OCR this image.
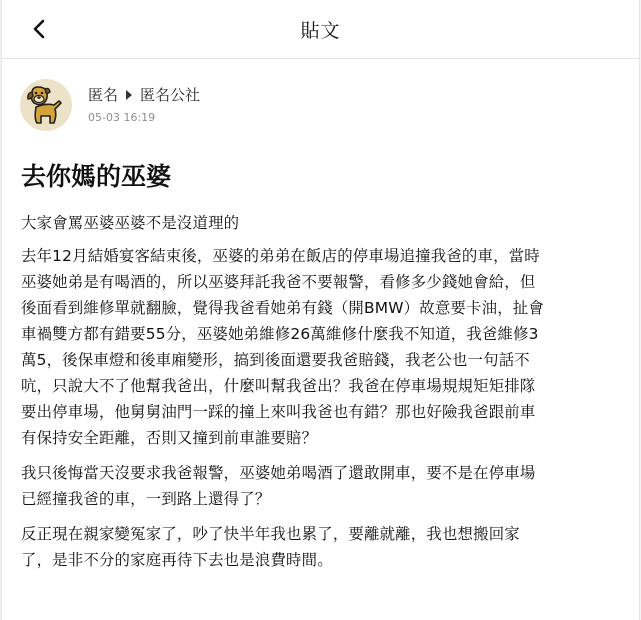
貼文
匿名 匿名公社
05-03 16:19
去你媽的巫婆

大家會罵巫婆巫婆不是沒道理的

去年12月結婚宴客結束後，巫婆的弟弟在飯店的停車場追撞我爸的車，當時
巫婆她弟是有喝酒的，所以巫婆拜託我爸不要報警，看修多少錢她會給，但
後面看到維修單就翻臉，覺得我爸看她弟有錢（開BMW）故意要卡油，扯會
車禍雙方都有錯要55分，巫婆她弟維修26萬維修什麼我不知道，我爸維修3
萬5，後保車燈和後車廂變形，搞到後面還要我爸賠錢，我老公也一句話不
吭，只說大不了他幫我爸出，什麼叫幫我爸出？我爸在停車場規規矩矩排隊
要出停車場，他舅舅油門一踩的撞上來叫我爸也有錯？那也好險我爸跟前車
有保持安全距離，否則又撞到前車誰要賠？

我只後悔當天沒要求我爸報警，巫婆她弟喝酒了還敢開車，要不是在停車場
已經撞我爸的車，一到路上還得了？

反正現在親家變冤家了，吵了快半年我也累了，要離就離，我也想搬回家
了，是非不分的家庭再待下去也是浪費時間。
